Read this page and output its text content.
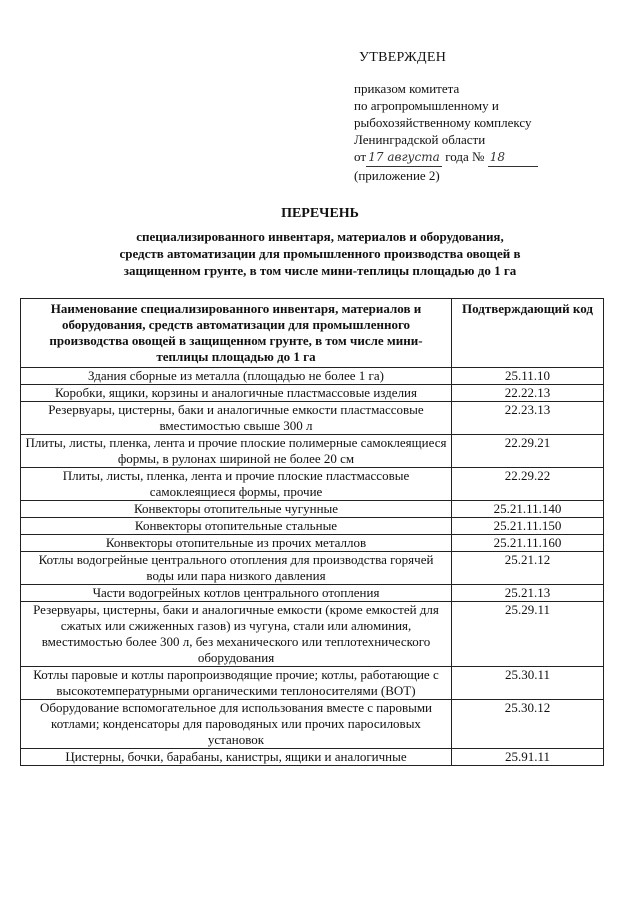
УТВЕРЖДЕН
приказом комитета
по агропромышленному и
рыбохозяйственному комплексу
Ленинградской области
от 17 августа года № 18
(приложение 2)
ПЕРЕЧЕНЬ
специализированного инвентаря, материалов и оборудования,
средств автоматизации для промышленного производства овощей в
защищенном грунте, в том числе мини-теплицы площадью до 1 га
Наименование специализированного инвентаря, материалов и оборудования, средств автоматизации для промышленного производства овощей в защищенном грунте, в том числе мини-теплицы площадью до 1 га	Подтверждающий код
Здания сборные из металла (площадью не более 1 га)	25.11.10
Коробки, ящики, корзины и аналогичные пластмассовые изделия	22.22.13
Резервуары, цистерны, баки и аналогичные емкости пластмассовые вместимостью свыше 300 л	22.23.13
Плиты, листы, пленка, лента и прочие плоские полимерные самоклеящиеся формы, в рулонах шириной не более 20 см	22.29.21
Плиты, листы, пленка, лента и прочие плоские пластмассовые самоклеящиеся формы, прочие	22.29.22
Конвекторы отопительные чугунные	25.21.11.140
Конвекторы отопительные стальные	25.21.11.150
Конвекторы отопительные из прочих металлов	25.21.11.160
Котлы водогрейные центрального отопления для производства горячей воды или пара низкого давления	25.21.12
Части водогрейных котлов центрального отопления	25.21.13
Резервуары, цистерны, баки и аналогичные емкости (кроме емкостей для сжатых или сжиженных газов) из чугуна, стали или алюминия, вместимостью более 300 л, без механического или теплотехнического оборудования	25.29.11
Котлы паровые и котлы паропроизводящие прочие; котлы, работающие с высокотемпературными органическими теплоносителями (ВОТ)	25.30.11
Оборудование вспомогательное для использования вместе с паровыми котлами; конденсаторы для пароводяных или прочих паросиловых установок	25.30.12
Цистерны, бочки, барабаны, канистры, ящики и аналогичные	25.91.11
